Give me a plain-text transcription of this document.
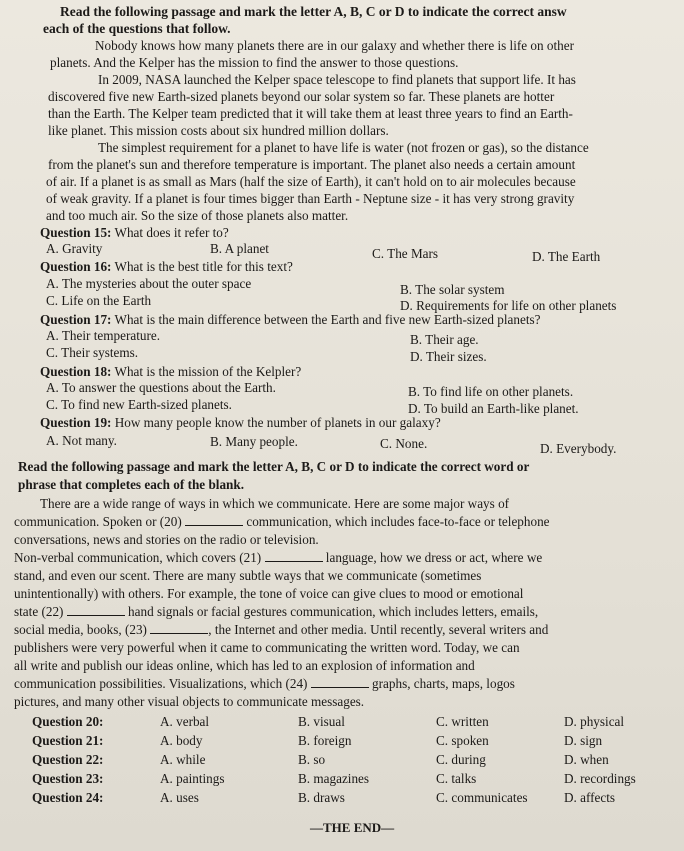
Read the following passage and mark the letter A, B, C or D to indicate the correct answ
each of the questions that follow.
Nobody knows how many planets there are in our galaxy and whether there is life on other
planets. And the Kelper has the mission to find the answer to those questions.
In 2009, NASA launched the Kelper space telescope to find planets that support life. It has
discovered five new Earth-sized planets beyond our solar system so far. These planets are hotter
than the Earth. The Kelper team predicted that it will take them at least three years to find an Earth-
like planet. This mission costs about six hundred million dollars.
The simplest requirement for a planet to have life is water (not frozen or gas), so the distance
from the planet's sun and therefore temperature is important. The planet also needs a certain amount
of air. If a planet is as small as Mars (half the size of Earth), it can't hold on to air molecules because
of weak gravity. If a planet is four times bigger than Earth - Neptune size - it has very strong gravity
and too much air. So the size of those planets also matter.
Question 15: What does it refer to?
A. Gravity	B. A planet	C. The Mars	D. The Earth
Question 16: What is the best title for this text?
A. The mysteries about the outer space	B. The solar system
C. Life on the Earth	D. Requirements for life on other planets
Question 17: What is the main difference between the Earth and five new Earth-sized planets?
A. Their temperature.	B. Their age.
C. Their systems.	D. Their sizes.
Question 18: What is the mission of the Kelpler?
A. To answer the questions about the Earth.	B. To find life on other planets.
C. To find new Earth-sized planets.	D. To build an Earth-like planet.
Question 19: How many people know the number of planets in our galaxy?
A. Not many.	B. Many people.	C. None.	D. Everybody.
Read the following passage and mark the letter A, B, C or D to indicate the correct word or
phrase that completes each of the blank.
There are a wide range of ways in which we communicate. Here are some major ways of
communication. Spoken or (20)	communication, which includes face-to-face or telephone
conversations, news and stories on the radio or television.
Non-verbal communication, which covers (21)	language, how we dress or act, where we
stand, and even our scent. There are many subtle ways that we communicate (sometimes
unintentionally) with others. For example, the tone of voice can give clues to mood or emotional
state (22)	hand signals or facial gestures communication, which includes letters, emails,
social media, books, (23)	, the Internet and other media. Until recently, several writers and
publishers were very powerful when it came to communicating the written word. Today, we can
all write and publish our ideas online, which has led to an explosion of information and
communication possibilities. Visualizations, which (24)	graphs, charts, maps, logos
pictures, and many other visual objects to communicate messages.
Question 20:	A. verbal	B. visual	C. written	D. physical
Question 21:	A. body	B. foreign	C. spoken	D. sign
Question 22:	A. while	B. so	C. during	D. when
Question 23:	A. paintings	B. magazines	C. talks	D. recordings
Question 24:	A. uses	B. draws	C. communicates	D. affects
—THE END—
